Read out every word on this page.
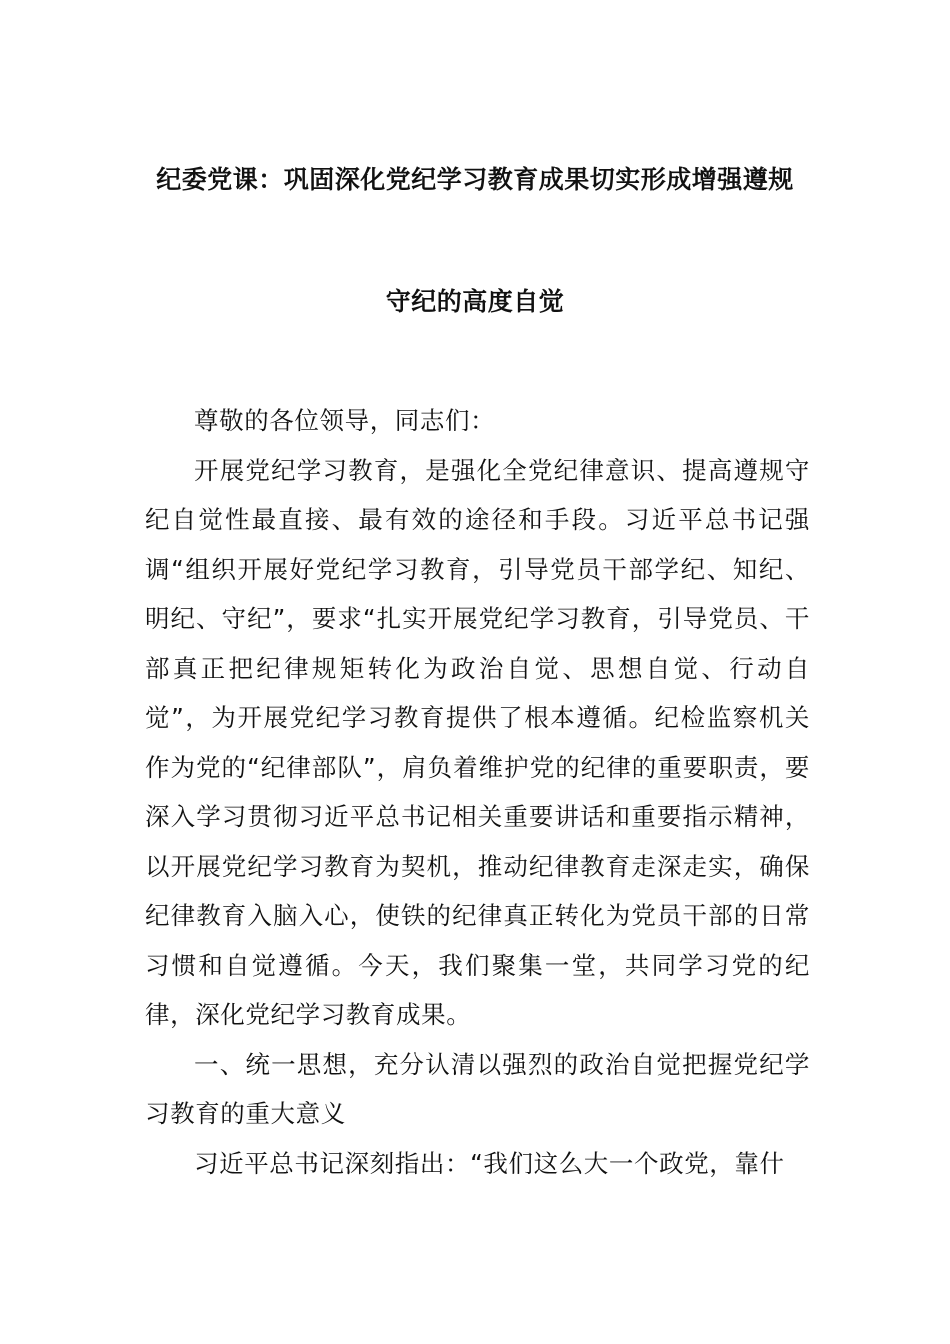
纪委党课：巩固深化党纪学习教育成果切实形成增强遵规
守纪的高度自觉

尊敬的各位领导，同志们：

开展党纪学习教育，是强化全党纪律意识、提高遵规守纪自觉性最直接、最有效的途径和手段。习近平总书记强调“组织开展好党纪学习教育，引导党员干部学纪、知纪、明纪、守纪”，要求“扎实开展党纪学习教育，引导党员、干部真正把纪律规矩转化为政治自觉、思想自觉、行动自觉”，为开展党纪学习教育提供了根本遵循。纪检监察机关作为党的“纪律部队”，肩负着维护党的纪律的重要职责，要深入学习贯彻习近平总书记相关重要讲话和重要指示精神，以开展党纪学习教育为契机，推动纪律教育走深走实，确保纪律教育入脑入心，使铁的纪律真正转化为党员干部的日常习惯和自觉遵循。今天，我们聚集一堂，共同学习党的纪律，深化党纪学习教育成果。

一、统一思想，充分认清以强烈的政治自觉把握党纪学习教育的重大意义

习近平总书记深刻指出：“我们这么大一个政党，靠什
